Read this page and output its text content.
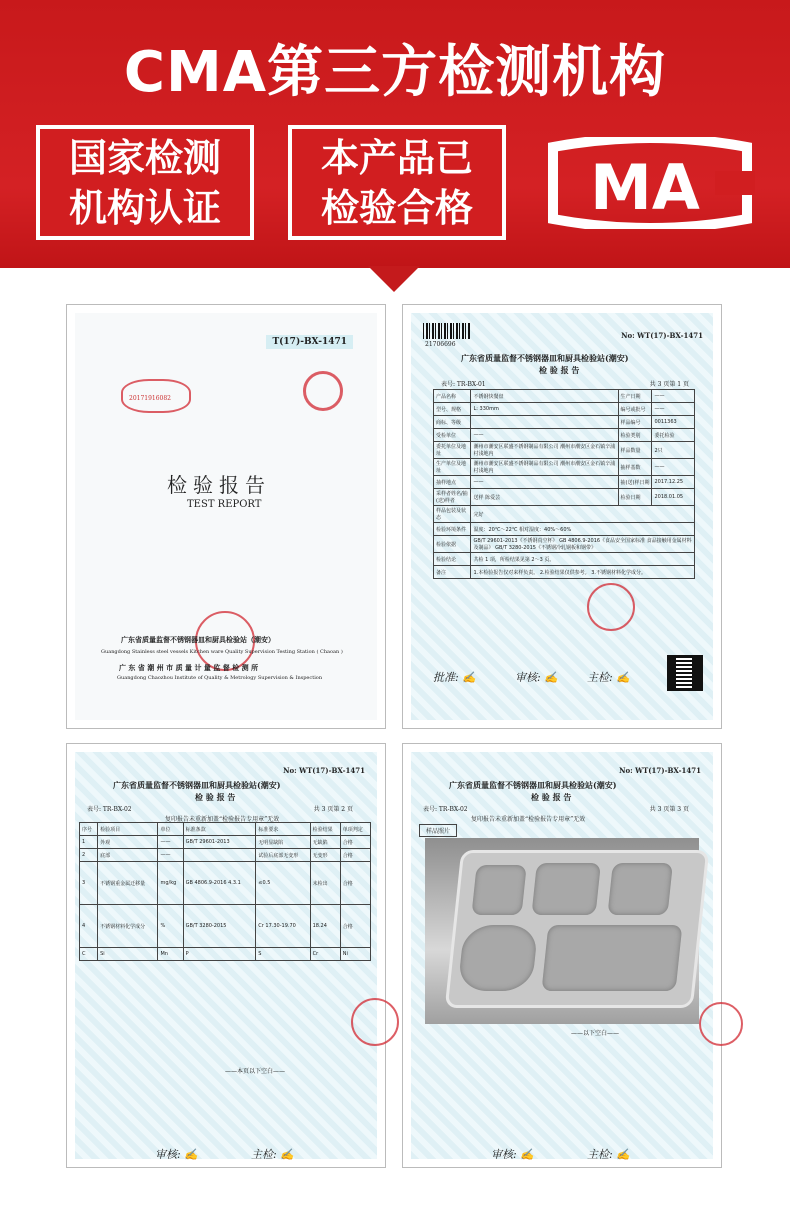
CMA第三方检测机构
国家检测
机构认证
本产品已
检验合格	MA
T(17)-BX-1471
20171916082
检验报告
TEST REPORT
广东省质量监督不锈钢器皿和厨具检验站（潮安）
Guangdong Stainless steel vessels Kitchen ware Quality Supervision Testing Station ( Chaoan )
广 东 省 潮 州 市 质 量 计 量 监 督 检 测 所
Guangdong Chaozhou Institute of Quality & Metrology Supervision & Inspection
21706696
No: WT(17)-BX-1471
广东省质量监督不锈钢器皿和厨具检验站(潮安)
检 验 报 告
表号: TR-BX-01	共 3 页第 1 页
产品名称	不锈钢快餐盘	生产日期	——
型号、规格	L: 330mm	编号或批号	——
商标、等级		样品编号	0011363
受检单位	——	检验类别	委托检验
委托单位及地址	潮州市潮安区联盛不锈钢制品有限公司 潮州市潮安区金石镇辛浦村浅地内	样品数量	2只
生产单位及地址	潮州市潮安区联盛不锈钢制品有限公司 潮州市潮安区金石镇辛浦村浅地内	抽样基数	——
抽样地点	——	抽(送)样日期	2017.12.25
采样者姓名/抽(送)样者	送样 陈爱芸	检验日期	2018.01.05
样品包装及状态	完好		
检验环境条件	温度：20℃～22℃ 相对湿度：40%～60%		
检验依据	GB/T 29601-2013《不锈钢真空杯》 GB 4806.9-2016《食品安全国家标准 食品接触用金属材料及制品》 GB/T 3280-2015《不锈钢冷轧钢板和钢带》		
检验结论	共检 1 项，所检结果见第 2～3 页。		
备注	1.本检验报告仅对来样负责。 2.检验结果仅供参考。 3.不锈钢材料化学成分。		
批准: ✍	审核: ✍	主检: ✍
No: WT(17)-BX-1471
广东省质量监督不锈钢器皿和厨具检验站(潮安)
检 验 报 告
表号: TR-BX-02	共 3 页第 2 页
复印报告未重新加盖“检验报告专用章”无效
序号	检验项目	单位	标准条款	标准要求	检验结果	单项判定
1	外观	——	GB/T 29601-2013	无明显缺陷	无缺陷	合格
2	底部	——		试验后底部无变形	无变形	合格
3	不锈钢重金属迁移量	mg/kg	GB 4806.9-2016 4.3.1	≤0.5	未检出	合格
4	不锈钢材料化学成分	%	GB/T 3280-2015	Cr 17.30-19.70	18.24	合格
C	Si	Mn	P	S	Cr	Ni
——本页以下空白——
审核: ✍	主检: ✍
No: WT(17)-BX-1471
广东省质量监督不锈钢器皿和厨具检验站(潮安)
检 验 报 告
表号: TR-BX-02	共 3 页第 3 页
复印报告未重新加盖“检验报告专用章”无效
样品照片
——以下空白——
审核: ✍	主检: ✍
